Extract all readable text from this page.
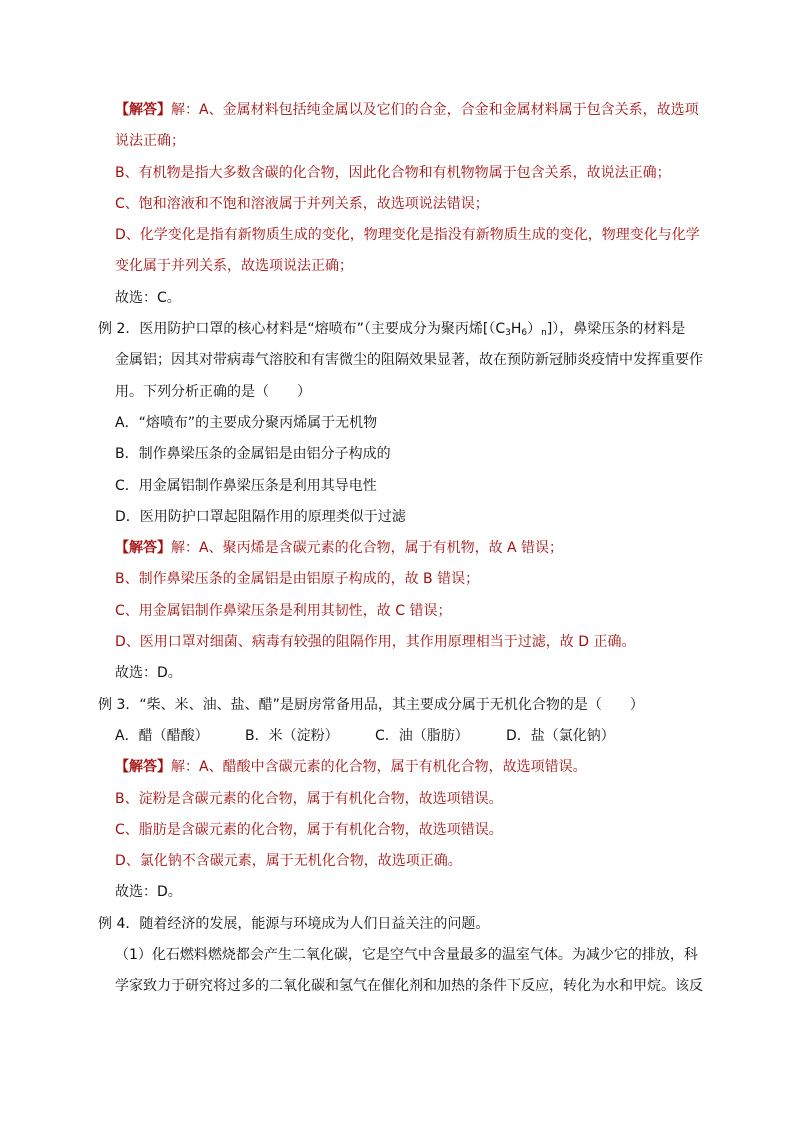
【解答】解：A、金属材料包括纯金属以及它们的合金，合金和金属材料属于包含关系，故选项
说法正确；
B、有机物是指大多数含碳的化合物，因此化合物和有机物物属于包含关系，故说法正确；
C、饱和溶液和不饱和溶液属于并列关系，故选项说法错误；
D、化学变化是指有新物质生成的变化，物理变化是指没有新物质生成的变化，物理变化与化学
变化属于并列关系，故选项说法正确；
故选：C。
例 2．医用防护口罩的核心材料是“熔喷布”（主要成分为聚丙烯$[(C_3H_6)_n]$），鼻梁压条的材料是
金属铝；因其对带病毒气溶胶和有害微尘的阻隔效果显著，故在预防新冠肺炎疫情中发挥重要作
用。下列分析正确的是（　　）
A．“熔喷布”的主要成分聚丙烯属于无机物
B．制作鼻梁压条的金属铝是由铝分子构成的
C．用金属铝制作鼻梁压条是利用其导电性
D．医用防护口罩起阻隔作用的原理类似于过滤
【解答】解：A、聚丙烯是含碳元素的化合物，属于有机物，故 A 错误；
B、制作鼻梁压条的金属铝是由铝原子构成的，故 B 错误；
C、用金属铝制作鼻梁压条是利用其韧性，故 C 错误；
D、医用口罩对细菌、病毒有较强的阻隔作用，其作用原理相当于过滤，故 D 正确。
故选：D。
例 3．“柴、米、油、盐、醋”是厨房常备用品，其主要成分属于无机化合物的是（　　）
A．醋（醋酸）	B．米（淀粉）	C．油（脂肪）	D．盐（氯化钠）
【解答】解：A、醋酸中含碳元素的化合物，属于有机化合物，故选项错误。
B、淀粉是含碳元素的化合物，属于有机化合物，故选项错误。
C、脂肪是含碳元素的化合物，属于有机化合物，故选项错误。
D、氯化钠不含碳元素，属于无机化合物，故选项正确。
故选：D。
例 4．随着经济的发展，能源与环境成为人们日益关注的问题。
（1）化石燃料燃烧都会产生二氧化碳，它是空气中含量最多的温室气体。为减少它的排放，科
学家致力于研究将过多的二氧化碳和氢气在催化剂和加热的条件下反应，转化为水和甲烷。该反
